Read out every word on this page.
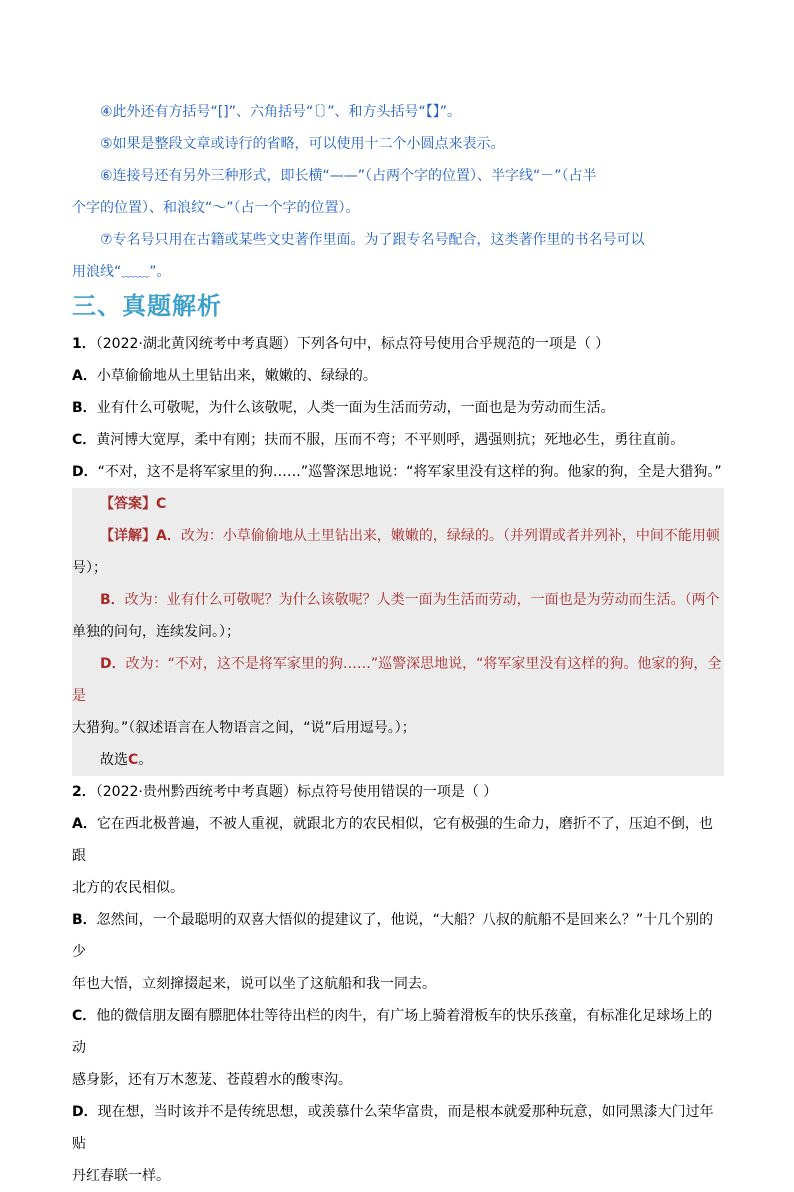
④此外还有方括号“[]”、六角括号“〔〕”、和方头括号“【】”。

⑤如果是整段文章或诗行的省略，可以使用十二个小圆点来表示。

⑥连接号还有另外三种形式，即长横“——”（占两个字的位置）、半字线“－”（占半

个字的位置）、和浪纹“～”（占一个字的位置）。

⑦专名号只用在古籍或某些文史著作里面。为了跟专名号配合，这类著作里的书名号可以

用浪线“﹏﹏”。

三、真题解析

1．（2022·湖北黄冈统考中考真题）下列各句中，标点符号使用合乎规范的一项是（ ）

A．小草偷偷地从土里钻出来，嫩嫩的、绿绿的。

B．业有什么可敬呢，为什么该敬呢，人类一面为生活而劳动，一面也是为劳动而生活。

C．黄河博大宽厚，柔中有刚；扶而不服，压而不弯；不平则呼，遇强则抗；死地必生，勇往直前。

D．“不对，这不是将军家里的狗……”巡警深思地说：“将军家里没有这样的狗。他家的狗，全是大猎狗。”

【答案】C

【详解】A．改为：小草偷偷地从土里钻出来，嫩嫩的，绿绿的。（并列谓或者并列补，中间不能用顿

号）；

B．改为：业有什么可敬呢？为什么该敬呢？人类一面为生活而劳动，一面也是为劳动而生活。（两个

单独的问句，连续发问。）；

D．改为：“不对，这不是将军家里的狗……”巡警深思地说，“将军家里没有这样的狗。他家的狗，全是

大猎狗。”（叙述语言在人物语言之间，“说”后用逗号。）；

故选C。

2．（2022·贵州黔西统考中考真题）标点符号使用错误的一项是（ ）

A．它在西北极普遍，不被人重视，就跟北方的农民相似，它有极强的生命力，磨折不了，压迫不倒，也跟

北方的农民相似。

B．忽然间，一个最聪明的双喜大悟似的提建议了，他说，“大船？八叔的航船不是回来么？”十几个别的少

年也大悟，立刻撺掇起来，说可以坐了这航船和我一同去。

C．他的微信朋友圈有膘肥体壮等待出栏的肉牛，有广场上骑着滑板车的快乐孩童，有标准化足球场上的动

感身影，还有万木葱茏、苍葭碧水的酸枣沟。

D．现在想，当时该并不是传统思想，或羡慕什么荣华富贵，而是根本就爱那种玩意，如同黑漆大门过年贴

丹红春联一样。
